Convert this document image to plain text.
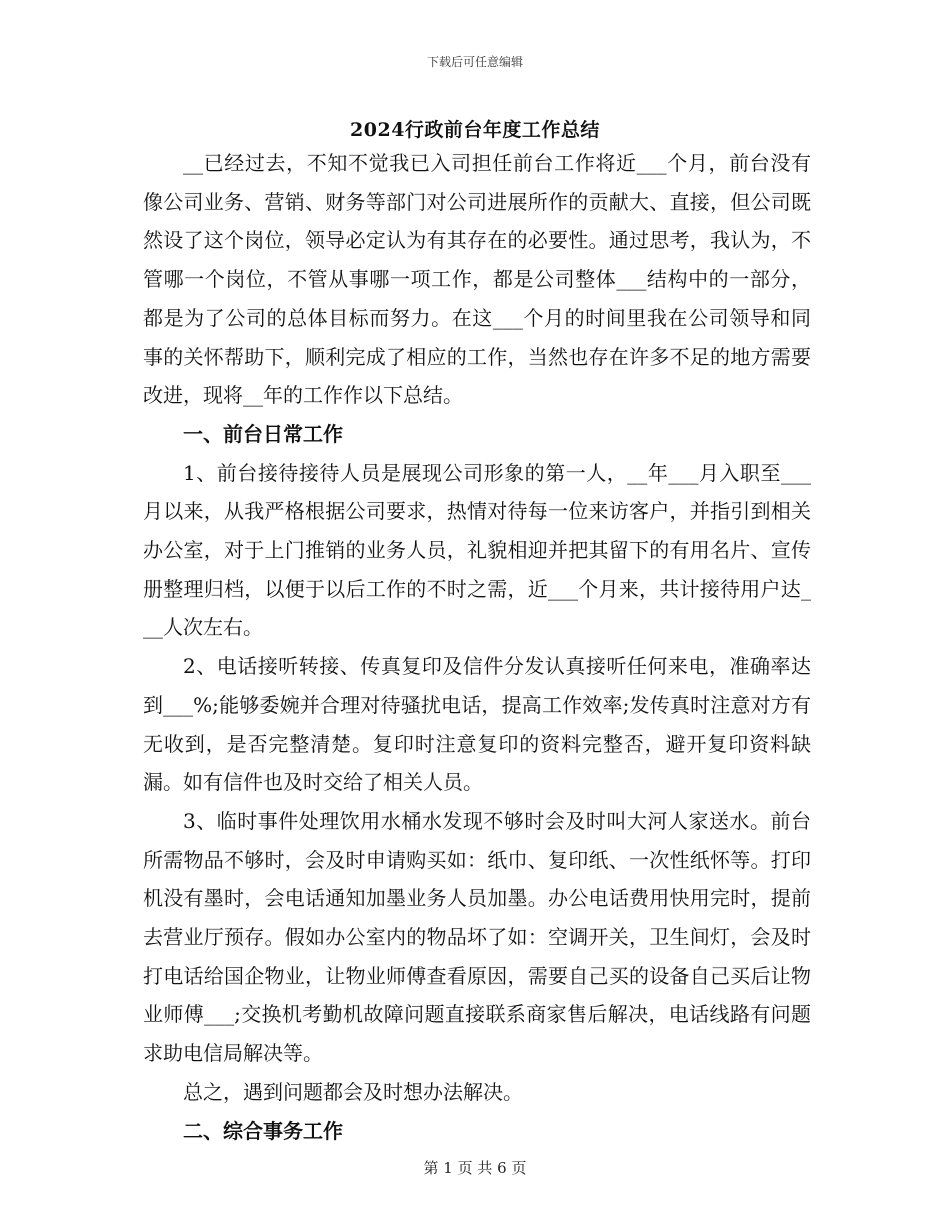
下载后可任意编辑
2024行政前台年度工作总结

__已经过去，不知不觉我已入司担任前台工作将近___个月，前台没有像公司业务、营销、财务等部门对公司进展所作的贡献大、直接，但公司既然设了这个岗位，领导必定认为有其存在的必要性。通过思考，我认为，不管哪一个岗位，不管从事哪一项工作，都是公司整体___结构中的一部分，都是为了公司的总体目标而努力。在这___个月的时间里我在公司领导和同事的关怀帮助下，顺利完成了相应的工作，当然也存在许多不足的地方需要改进，现将__年的工作作以下总结。

一、前台日常工作

1、前台接待接待人员是展现公司形象的第一人，__年___月入职至___月以来，从我严格根据公司要求，热情对待每一位来访客户，并指引到相关办公室，对于上门推销的业务人员，礼貌相迎并把其留下的有用名片、宣传册整理归档，以便于以后工作的不时之需，近___个月来，共计接待用户达___人次左右。

2、电话接听转接、传真复印及信件分发认真接听任何来电，准确率达到___%;能够委婉并合理对待骚扰电话，提高工作效率;发传真时注意对方有无收到，是否完整清楚。复印时注意复印的资料完整否，避开复印资料缺漏。如有信件也及时交给了相关人员。

3、临时事件处理饮用水桶水发现不够时会及时叫大河人家送水。前台所需物品不够时，会及时申请购买如：纸巾、复印纸、一次性纸怀等。打印机没有墨时，会电话通知加墨业务人员加墨。办公电话费用快用完时，提前去营业厅预存。假如办公室内的物品坏了如：空调开关，卫生间灯，会及时打电话给国企物业，让物业师傅查看原因，需要自己买的设备自己买后让物业师傅___;交换机考勤机故障问题直接联系商家售后解决，电话线路有问题求助电信局解决等。

总之，遇到问题都会及时想办法解决。

二、综合事务工作

第 1 页 共 6 页
